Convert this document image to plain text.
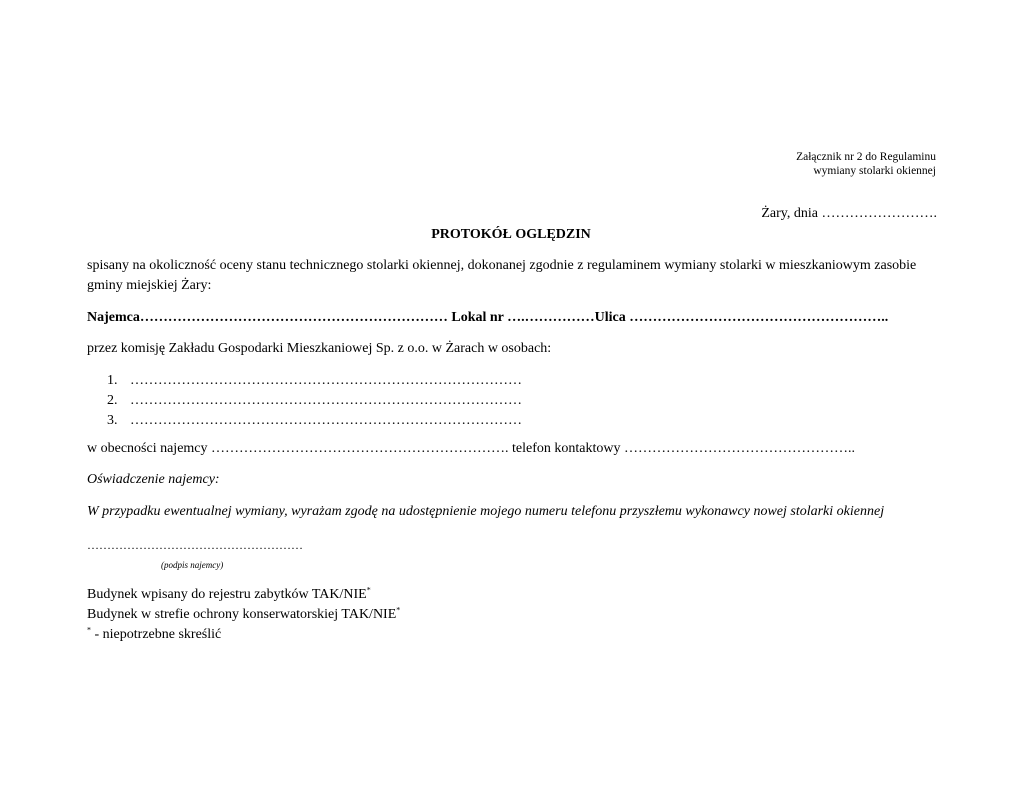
Załącznik nr 2 do Regulaminu
wymiany stolarki okiennej
Żary, dnia …………………….
PROTOKÓŁ OGLĘDZIN
spisany na okoliczność oceny stanu technicznego stolarki okiennej, dokonanej zgodnie z regulaminem wymiany stolarki w mieszkaniowym zasobie gminy miejskiej Żary:
Najemca………………………………………………………… Lokal nr ….……………Ulica ………………………………………………..
przez komisję Zakładu Gospodarki Mieszkaniowej Sp. z o.o. w Żarach w osobach:
1. …………………………………………………………………………
2. …………………………………………………………………………
3. …………………………………………………………………………
w obecności najemcy ………………………………………………………. telefon kontaktowy …………………………………………..
Oświadczenie najemcy:
W przypadku ewentualnej wymiany, wyrażam zgodę na udostępnienie mojego numeru telefonu przyszłemu wykonawcy nowej stolarki okiennej
………………………………………………
(podpis najemcy)
Budynek wpisany do rejestru zabytków TAK/NIE*
Budynek w strefie ochrony konserwatorskiej TAK/NIE*
* - niepotrzebne skreślić
